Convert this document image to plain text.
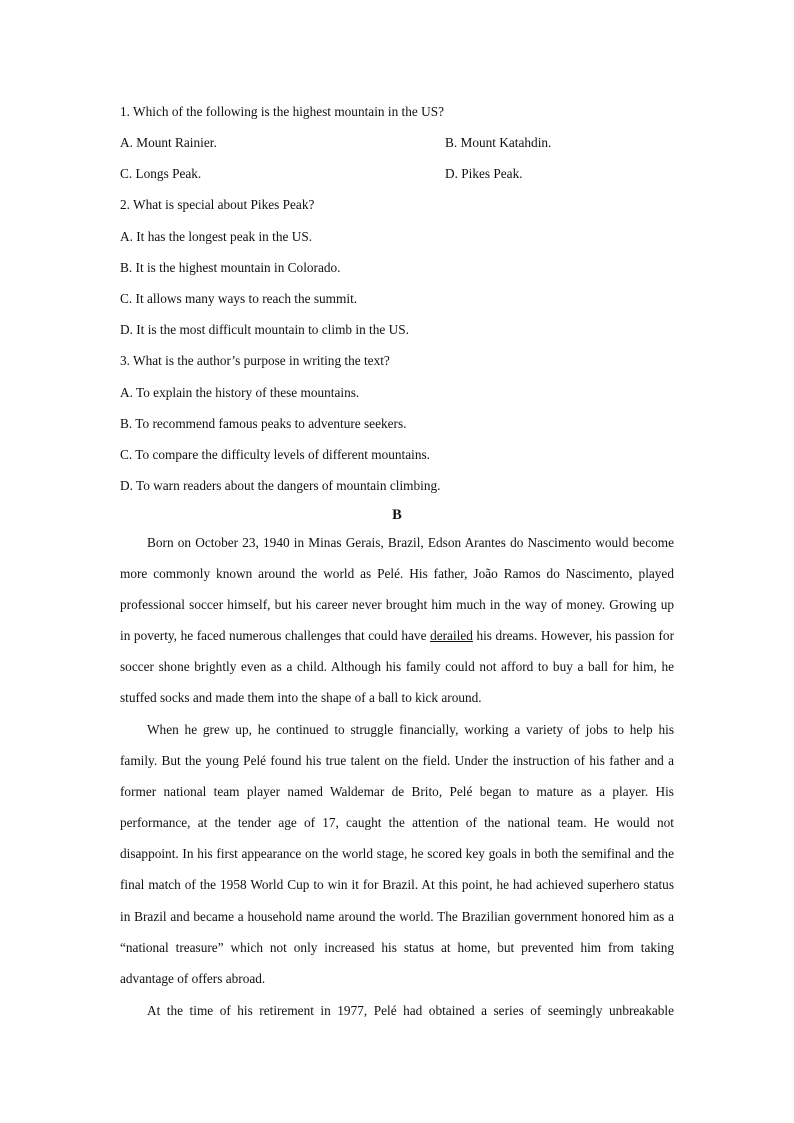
1. Which of the following is the highest mountain in the US?
A. Mount Rainier.	B. Mount Katahdin.
C. Longs Peak.	D. Pikes Peak.
2. What is special about Pikes Peak?
A. It has the longest peak in the US.
B. It is the highest mountain in Colorado.
C. It allows many ways to reach the summit.
D. It is the most difficult mountain to climb in the US.
3. What is the author’s purpose in writing the text?
A. To explain the history of these mountains.
B. To recommend famous peaks to adventure seekers.
C. To compare the difficulty levels of different mountains.
D. To warn readers about the dangers of mountain climbing.
B

Born on October 23, 1940 in Minas Gerais, Brazil, Edson Arantes do Nascimento would become more commonly known around the world as Pelé. His father, João Ramos do Nascimento, played professional soccer himself, but his career never brought him much in the way of money. Growing up in poverty, he faced numerous challenges that could have derailed his dreams. However, his passion for soccer shone brightly even as a child. Although his family could not afford to buy a ball for him, he stuffed socks and made them into the shape of a ball to kick around.

When he grew up, he continued to struggle financially, working a variety of jobs to help his family. But the young Pelé found his true talent on the field. Under the instruction of his father and a former national team player named Waldemar de Brito, Pelé began to mature as a player. His performance, at the tender age of 17, caught the attention of the national team. He would not disappoint. In his first appearance on the world stage, he scored key goals in both the semifinal and the final match of the 1958 World Cup to win it for Brazil. At this point, he had achieved superhero status in Brazil and became a household name around the world. The Brazilian government honored him as a “national treasure” which not only increased his status at home, but prevented him from taking advantage of offers abroad.

At the time of his retirement in 1977, Pelé had obtained a series of seemingly unbreakable
